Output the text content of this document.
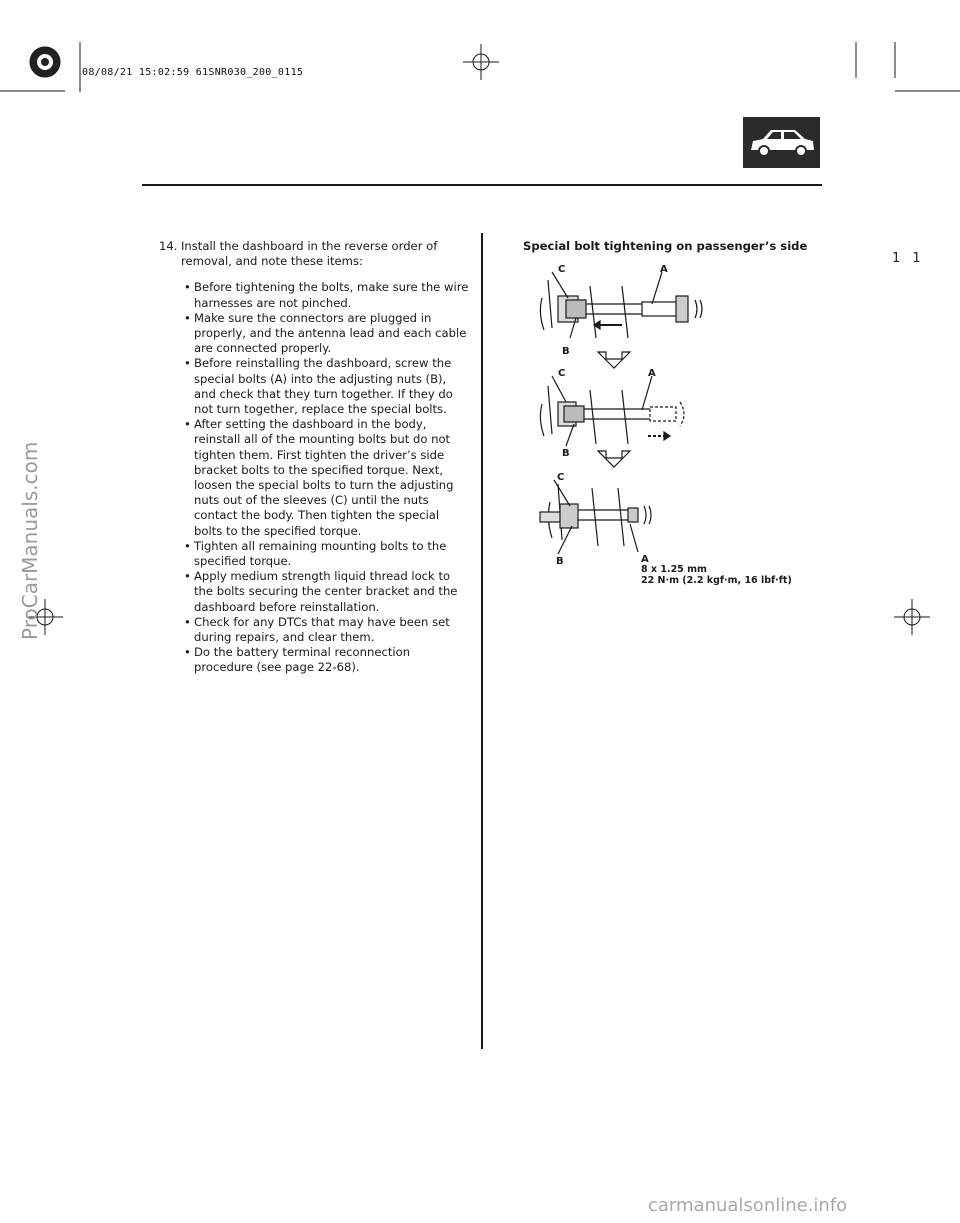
08/08/21 15:02:59 61SNR030_200_0115
1 1
14. Install the dashboard in the reverse order of removal, and note these items:
• Before tightening the bolts, make sure the wire harnesses are not pinched.
• Make sure the connectors are plugged in properly, and the antenna lead and each cable are connected properly.
• Before reinstalling the dashboard, screw the special bolts (A) into the adjusting nuts (B), and check that they turn together. If they do not turn together, replace the special bolts.
• After setting the dashboard in the body, reinstall all of the mounting bolts but do not tighten them. First tighten the driver’s side bracket bolts to the specified torque. Next, loosen the special bolts to turn the adjusting nuts out of the sleeves (C) until the nuts contact the body. Then tighten the special bolts to the specified torque.
• Tighten all remaining mounting bolts to the specified torque.
• Apply medium strength liquid thread lock to the bolts securing the center bracket and the dashboard before reinstallation.
• Check for any DTCs that may have been set during repairs, and clear them.
• Do the battery terminal reconnection procedure (see page 22-68).
Special bolt tightening on passenger’s side
C	A
B
C	A
B
C
B	A
8 x 1.25 mm
22 N·m (2.2 kgf·m, 16 lbf·ft)
ProCarManuals.com
carmanualsonline.info
